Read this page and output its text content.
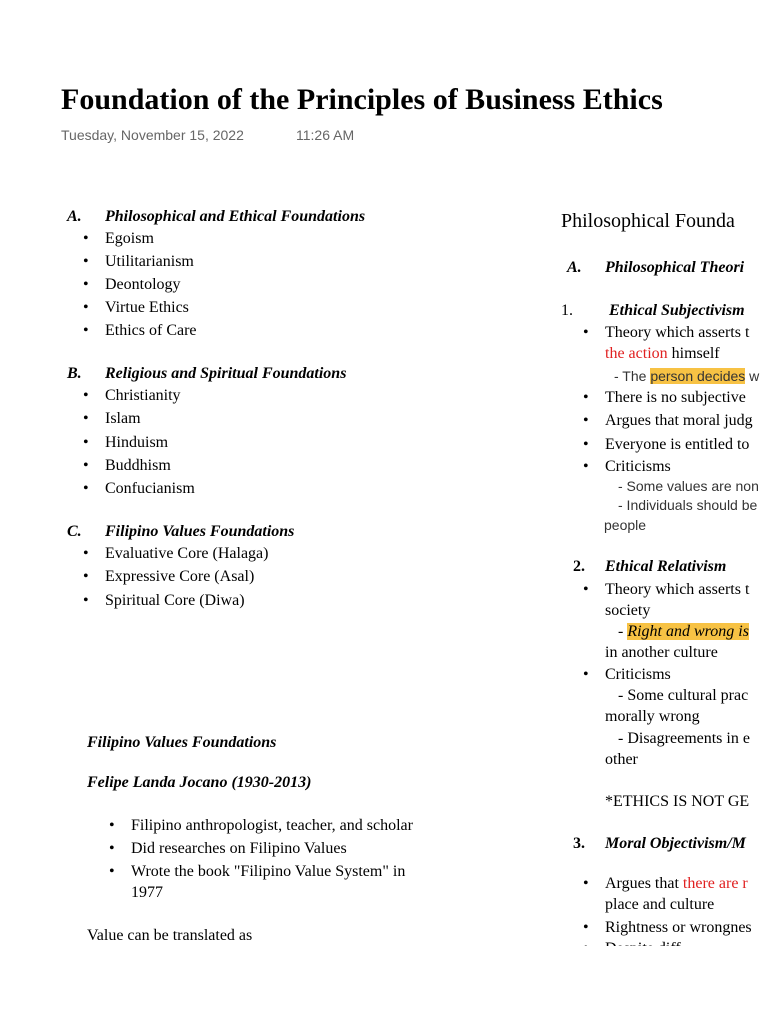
Foundation of the Principles of Business Ethics
Tuesday, November 15, 2022	11:26 AM
A. Philosophical and Ethical Foundations
• Egoism
• Utilitarianism
• Deontology
• Virtue Ethics
• Ethics of Care
B. Religious and Spiritual Foundations
• Christianity
• Islam
• Hinduism
• Buddhism
• Confucianism
C. Filipino Values Foundations
• Evaluative Core (Halaga)
• Expressive Core (Asal)
• Spiritual Core (Diwa)
Filipino Values Foundations
Felipe Landa Jocano (1930-2013)
• Filipino anthropologist, teacher, and scholar
• Did researches on Filipino Values
• Wrote the book "Filipino Value System" in
1977
Value can be translated as
Philosophical Founda
A. Philosophical Theori
1. Ethical Subjectivism
• Theory which asserts t
the action himself
- The person decides w
• There is no subjective
• Argues that moral judg
• Everyone is entitled to
• Criticisms
- Some values are non
- Individuals should be
people
2. Ethical Relativism
• Theory which asserts t
society
- Right and wrong is
in another culture
• Criticisms
- Some cultural prac
morally wrong
- Disagreements in e
other
*ETHICS IS NOT GE
3. Moral Objectivism/M
• Argues that there are r
place and culture
• Rightness or wrongnes
•
